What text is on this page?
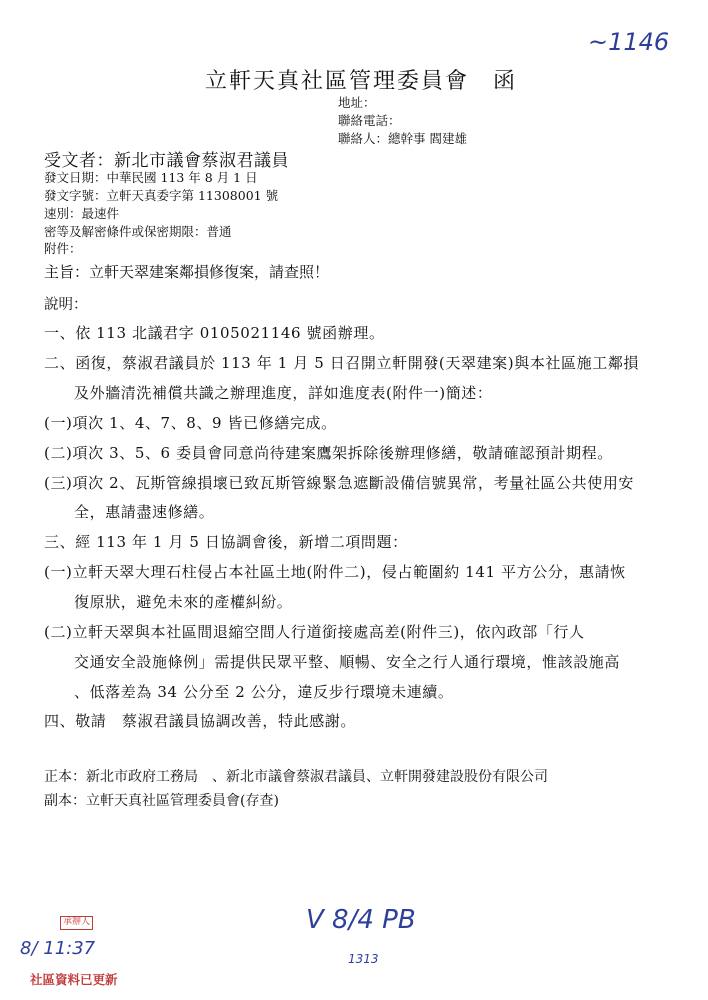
~1146
立軒天真社區管理委員會　函
地址：
聯絡電話：
聯絡人：總幹事 閻建雄
受文者：新北市議會蔡淑君議員
發文日期：中華民國 113 年 8 月 1 日
發文字號：立軒天真委字第 11308001 號
速別：最速件
密等及解密條件或保密期限：普通
附件：
主旨：立軒天翠建案鄰損修復案，請查照！
說明：
一、依 113 北議君字 0105021146 號函辦理。
二、函復，蔡淑君議員於 113 年 1 月 5 日召開立軒開發(天翠建案)與本社區施工鄰損
及外牆清洗補償共識之辦理進度，詳如進度表(附件一)簡述：
(一)項次 1、4、7、8、9 皆已修繕完成。
(二)項次 3、5、6 委員會同意尚待建案鷹架拆除後辦理修繕，敬請確認預計期程。
(三)項次 2、瓦斯管線損壞已致瓦斯管線緊急遮斷設備信號異常，考量社區公共使用安
全，惠請盡速修繕。
三、經 113 年 1 月 5 日協調會後，新增二項問題：
(一)立軒天翠大理石柱侵占本社區土地(附件二)，侵占範圍約 141 平方公分，惠請恢
復原狀，避免未來的產權糾紛。
(二)立軒天翠與本社區間退縮空間人行道銜接處高差(附件三)，依內政部「行人
交通安全設施條例」需提供民眾平整、順暢、安全之行人通行環境，惟該設施高
、低落差為 34 公分至 2 公分，違反步行環境未連續。
四、敬請　蔡淑君議員協調改善，特此感謝。
正本：新北市政府工務局　、新北市議會蔡淑君議員、立軒開發建設股份有限公司
副本：立軒天真社區管理委員會(存查)
承辦人
8/ 11:37
社區資料已更新
V 8/4 PB
1313
